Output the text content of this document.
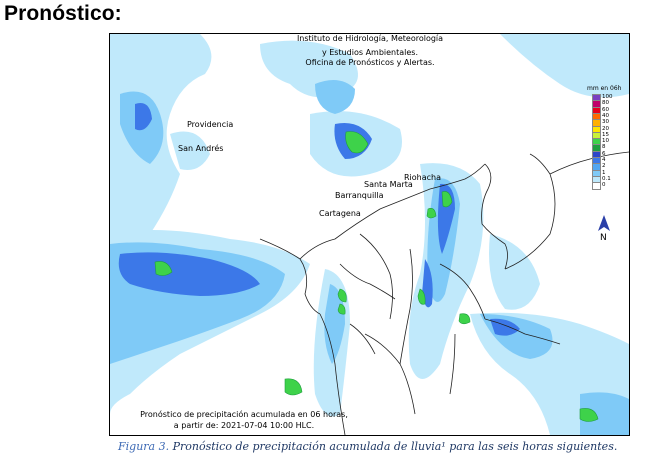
Pronóstico:
Instituto de Hidrología, Meteorología
y Estudios Ambientales.
Oficina de Pronósticos y Alertas.
Providencia
San Andrés
Riohacha
Santa Marta
Barranquilla
Cartagena
mm en 06h
100
80
60
40
30
20
15
10
8
6
4
2
1
0.1
0
N
Pronóstico de precipitación acumulada en 06 horas,
a partir de: 2021-07-04 10:00 HLC.
Figura 3. Pronóstico de precipitación acumulada de lluvia¹ para las seis horas siguientes.
